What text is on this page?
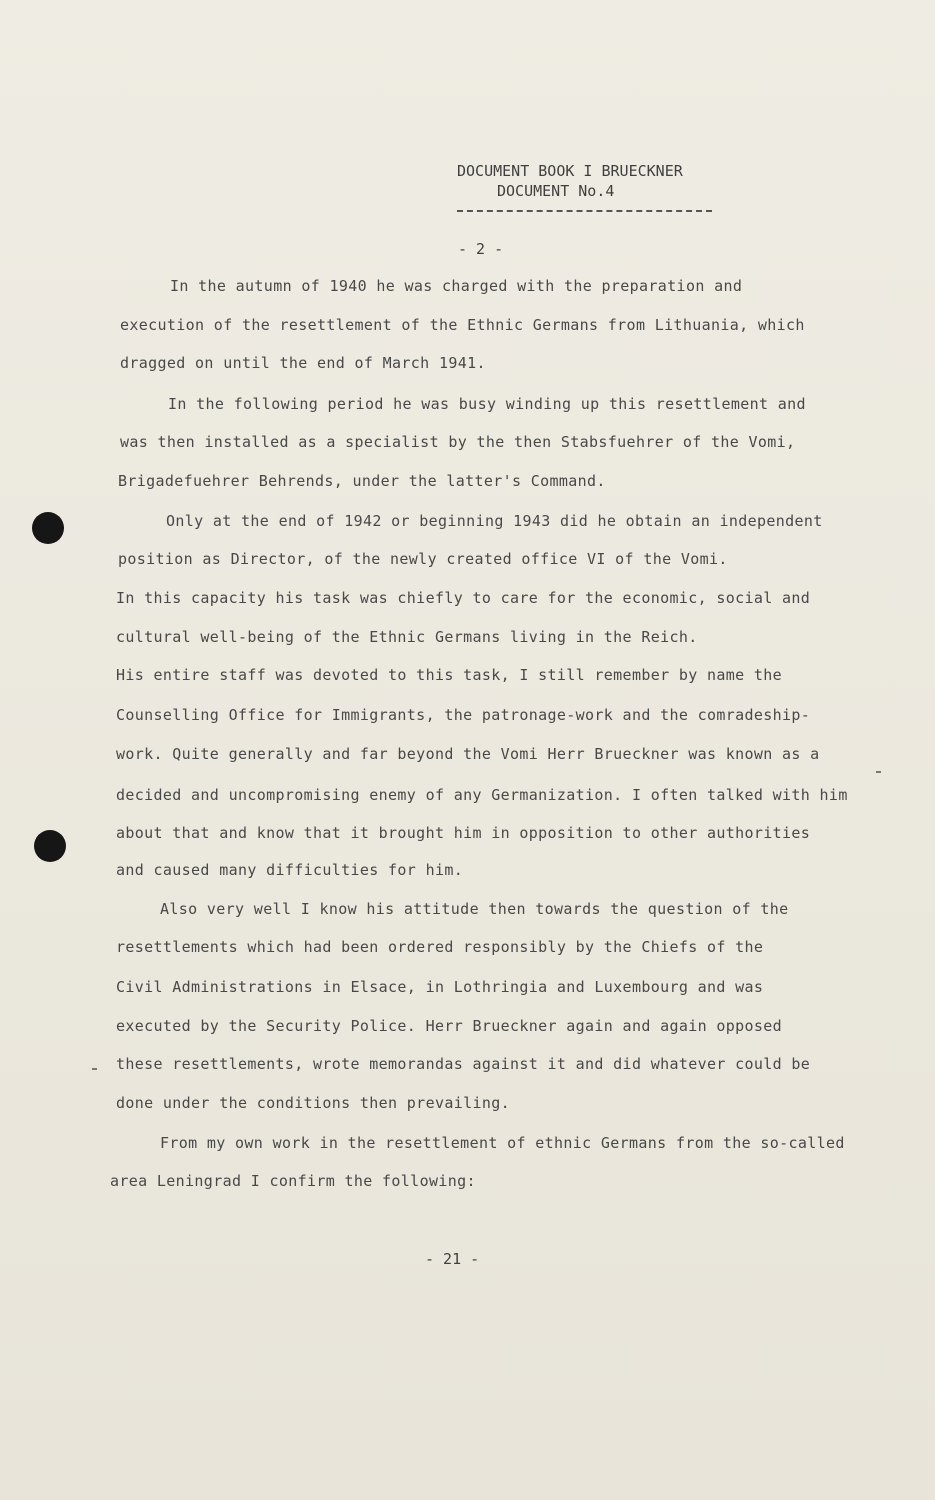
DOCUMENT BOOK I BRUECKNER
DOCUMENT No.4
- 2 -
In the autumn of 1940 he was charged with the preparation and
execution of the resettlement of the Ethnic Germans from Lithuania, which
dragged on until the end of March 1941.
In the following period he was busy winding up this resettlement and
was then installed as a specialist by the then Stabsfuehrer of the Vomi,
Brigadefuehrer Behrends, under the latter's Command.
Only at the end of 1942 or beginning 1943 did he obtain an independent
position as Director, of the newly created office VI of the Vomi.
In this capacity his task was chiefly to care for the economic, social and
cultural well-being of the Ethnic Germans living in the Reich.
His entire staff was devoted to this task, I still remember by name the
Counselling Office for Immigrants, the patronage-work and the comradeship-
work. Quite generally and far beyond the Vomi Herr Brueckner was known as a
decided and uncompromising enemy of any Germanization. I often talked with him
about that and know that it brought him in opposition to other authorities
and caused many difficulties for him.
Also very well I know his attitude then towards the question of the
resettlements which had been ordered responsibly by the Chiefs of the
Civil Administrations in Elsace, in Lothringia and Luxembourg and was
executed by the Security Police. Herr Brueckner again and again opposed
these resettlements, wrote memorandas against it and did whatever could be
done under the conditions then prevailing.
From my own work in the resettlement of ethnic Germans from the so-called
area Leningrad I confirm the following:
- 21 -
